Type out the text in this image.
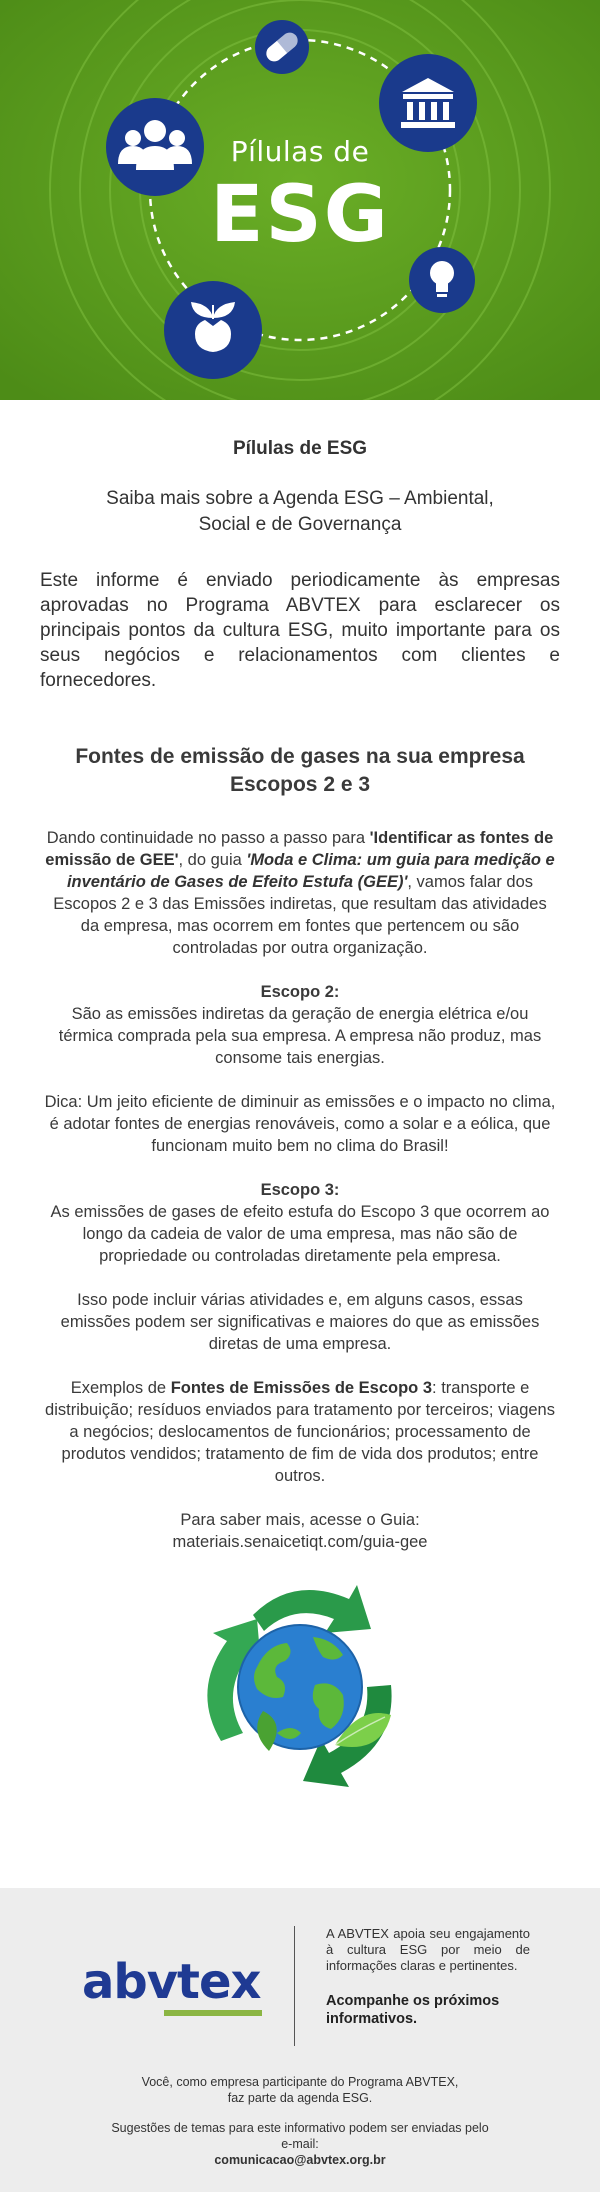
Pílulas de
ESG
Pílulas de ESG
Saiba mais sobre a Agenda ESG – Ambiental, Social e de Governança
Este informe é enviado periodicamente às empresas aprovadas no Programa ABVTEX para esclarecer os principais pontos da cultura ESG, muito importante para os seus negócios e relacionamentos com clientes e fornecedores.
Fontes de emissão de gases na sua empresa
Escopos 2 e 3

Dando continuidade no passo a passo para 'Identificar as fontes de emissão de GEE', do guia 'Moda e Clima: um guia para medição e inventário de Gases de Efeito Estufa (GEE)', vamos falar dos Escopos 2 e 3 das Emissões indiretas, que resultam das atividades da empresa, mas ocorrem em fontes que pertencem ou são controladas por outra organização.

Escopo 2:
São as emissões indiretas da geração de energia elétrica e/ou térmica comprada pela sua empresa. A empresa não produz, mas consome tais energias.

Dica: Um jeito eficiente de diminuir as emissões e o impacto no clima, é adotar fontes de energias renováveis, como a solar e a eólica, que funcionam muito bem no clima do Brasil!

Escopo 3:
As emissões de gases de efeito estufa do Escopo 3 que ocorrem ao longo da cadeia de valor de uma empresa, mas não são de propriedade ou controladas diretamente pela empresa.

Isso pode incluir várias atividades e, em alguns casos, essas emissões podem ser significativas e maiores do que as emissões diretas de uma empresa.

Exemplos de Fontes de Emissões de Escopo 3: transporte e distribuição; resíduos enviados para tratamento por terceiros; viagens a negócios; deslocamentos de funcionários; processamento de produtos vendidos; tratamento de fim de vida dos produtos; entre outros.

Para saber mais, acesse o Guia:
materiais.senaicetiqt.com/guia-gee

abvtex
A ABVTEX apoia seu engajamento à cultura ESG por meio de informações claras e pertinentes.
Acompanhe os próximos informativos.

Você, como empresa participante do Programa ABVTEX,
faz parte da agenda ESG.

Sugestões de temas para este informativo podem ser enviadas pelo
e-mail:
comunicacao@abvtex.org.br
